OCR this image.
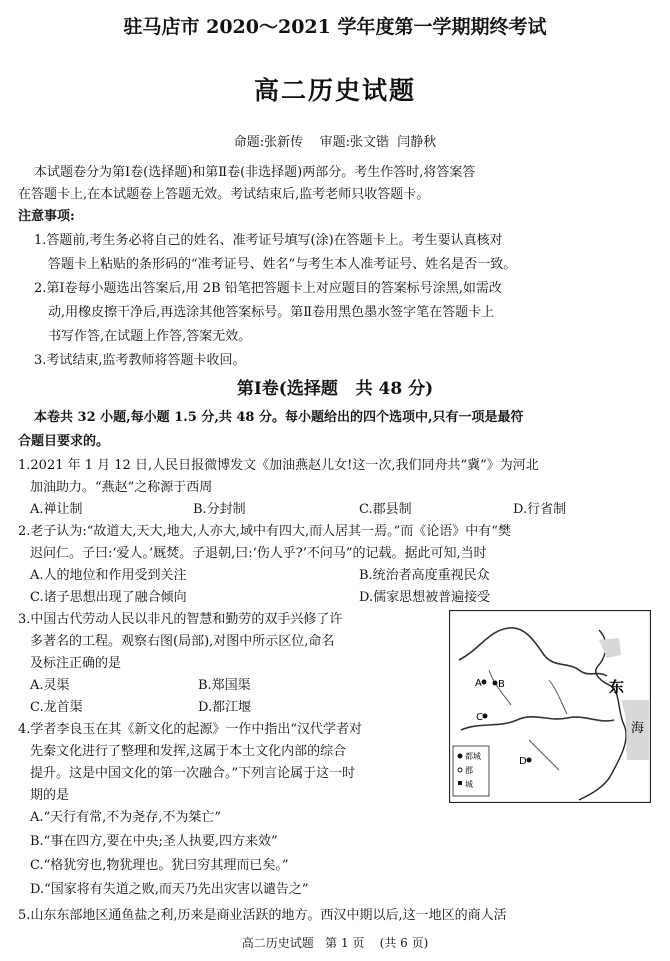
驻马店市 2020～2021 学年度第一学期期终考试
高二历史试题
命题:张新传    审题:张文锴  闫静秋
本试题卷分为第Ⅰ卷(选择题)和第Ⅱ卷(非选择题)两部分。考生作答时,将答案答
在答题卡上,在本试题卷上答题无效。考试结束后,监考老师只收答题卡。
注意事项:
1.答题前,考生务必将自己的姓名、准考证号填写(涂)在答题卡上。考生要认真核对
答题卡上粘贴的条形码的“准考证号、姓名”与考生本人准考证号、姓名是否一致。
2.第Ⅰ卷每小题选出答案后,用 2B 铅笔把答题卡上对应题目的答案标号涂黑,如需改
动,用橡皮擦干净后,再选涂其他答案标号。第Ⅱ卷用黑色墨水签字笔在答题卡上
书写作答,在试题上作答,答案无效。
3.考试结束,监考教师将答题卡收回。
第Ⅰ卷(选择题   共 48 分)
本卷共 32 小题,每小题 1.5 分,共 48 分。每小题给出的四个选项中,只有一项是最符
合题目要求的。
1.2021 年 1 月 12 日,人民日报微博发文《加油燕赵儿女!这一次,我们同舟共“冀”》为河北
加油助力。“燕赵”之称源于西周
A.禅让制	B.分封制	C.郡县制	D.行省制
2.老子认为:“故道大,天大,地大,人亦大,域中有四大,而人居其一焉。”而《论语》中有“樊
迟问仁。子曰:‘爱人。’厩焚。子退朝,曰:‘伤人乎?’不问马”的记载。据此可知,当时
A.人的地位和作用受到关注	B.统治者高度重视民众
C.诸子思想出现了融合倾向	D.儒家思想被普遍接受
3.中国古代劳动人民以非凡的智慧和勤劳的双手兴修了许
多著名的工程。观察右图(局部),对图中所示区位,命名
及标注正确的是
A.灵渠	B.郑国渠
C.龙首渠	D.都江堰
4.学者李良玉在其《新文化的起源》一作中指出“汉代学者对
先秦文化进行了整理和发挥,这属于本土文化内部的综合
提升。这是中国文化的第一次融合。”下列言论属于这一时
期的是
A.“天行有常,不为尧存,不为桀亡”
B.“事在四方,要在中央;圣人执要,四方来效”
C.“格犹穷也,物犹理也。犹曰穷其理而已矣。”
D.“国家将有失道之败,而天乃先出灾害以谴告之”
5.山东东部地区通鱼盐之利,历来是商业活跃的地方。西汉中期以后,这一地区的商人活
A B
C
D
东
海
都城
郡
城
高二历史试题   第 1 页    (共 6 页)
